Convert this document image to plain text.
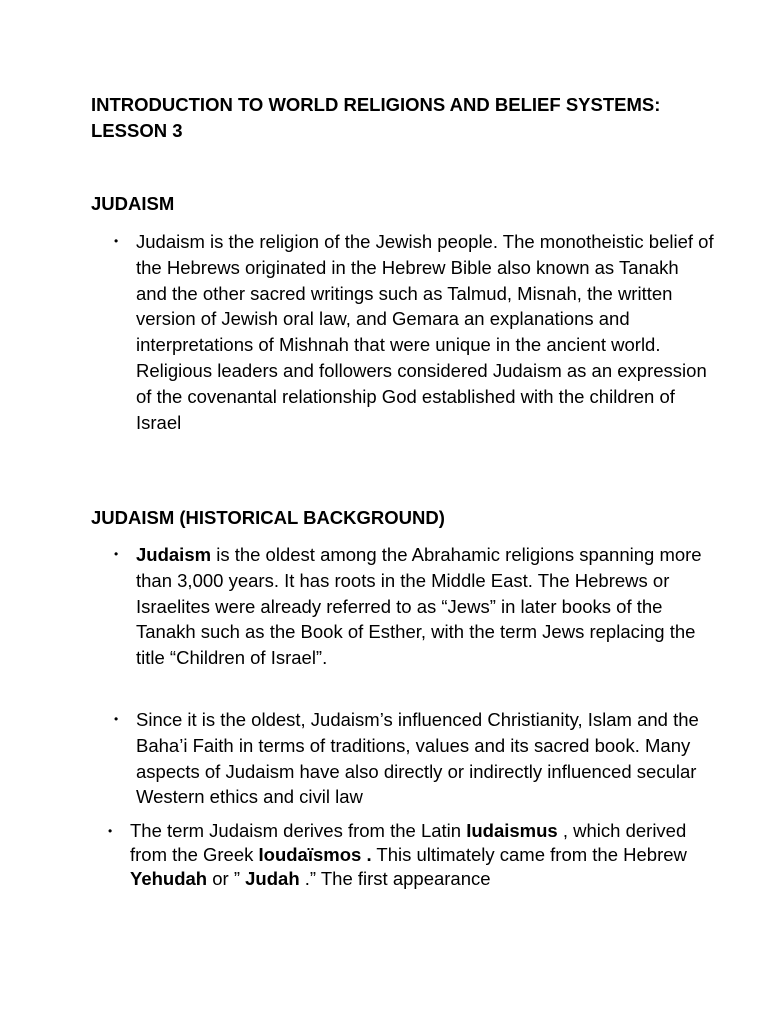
INTRODUCTION TO WORLD RELIGIONS AND BELIEF SYSTEMS: LESSON 3
JUDAISM
• Judaism is the religion of the Jewish people. The monotheistic belief of the Hebrews originated in the Hebrew Bible also known as Tanakh and the other sacred writings such as Talmud, Misnah, the written version of Jewish oral law, and Gemara an explanations and interpretations of Mishnah that were unique in the ancient world. Religious leaders and followers considered Judaism as an expression of the covenantal relationship God established with the children of Israel
JUDAISM (HISTORICAL BACKGROUND)
• Judaism is the oldest among the Abrahamic religions spanning more than 3,000 years. It has roots in the Middle East. The Hebrews or Israelites were already referred to as “Jews” in later books of the Tanakh such as the Book of Esther, with the term Jews replacing the title “Children of Israel”.
• Since it is the oldest, Judaism’s influenced Christianity, Islam and the Baha’i Faith in terms of traditions, values and its sacred book. Many aspects of Judaism have also directly or indirectly influenced secular Western ethics and civil law
• The term Judaism derives from the Latin Iudaismus , which derived from the Greek Ioudaïsmos . This ultimately came from the Hebrew Yehudah or ” Judah .” The first appearance
